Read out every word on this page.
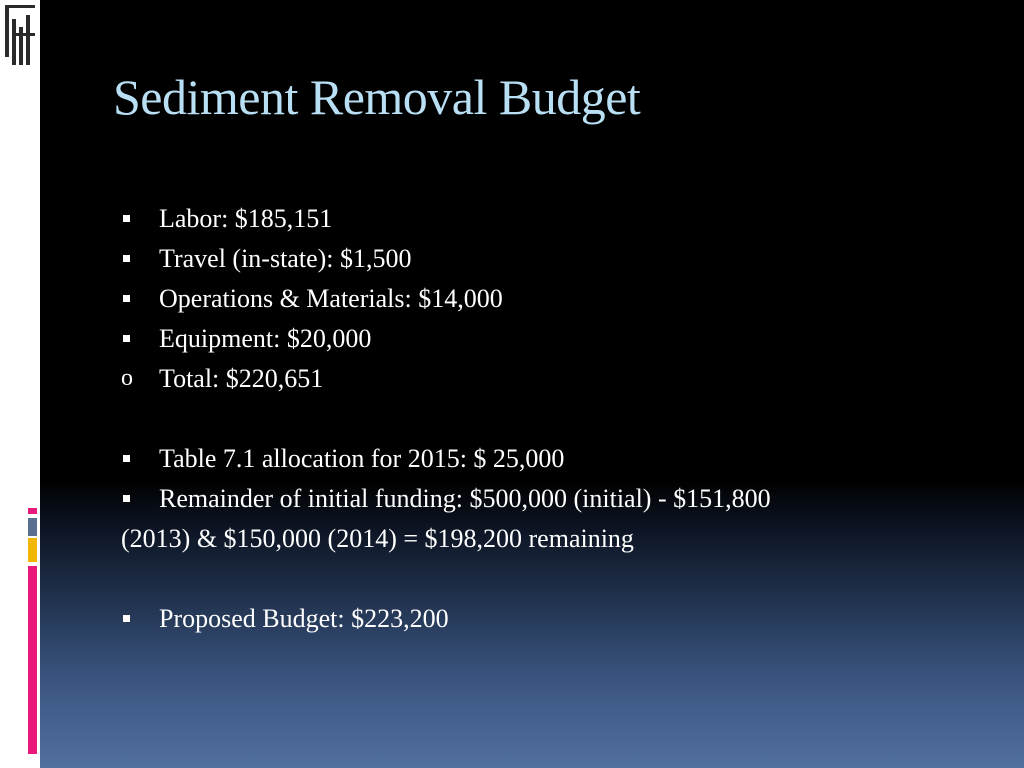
Sediment Removal Budget
Labor: $185,151
Travel (in-state): $1,500
Operations & Materials: $14,000
Equipment: $20,000
o	Total: $220,651
Table 7.1 allocation for 2015: $ 25,000
Remainder of initial funding: $500,000 (initial) - $151,800
(2013) & $150,000 (2014) = $198,200 remaining
Proposed Budget: $223,200
